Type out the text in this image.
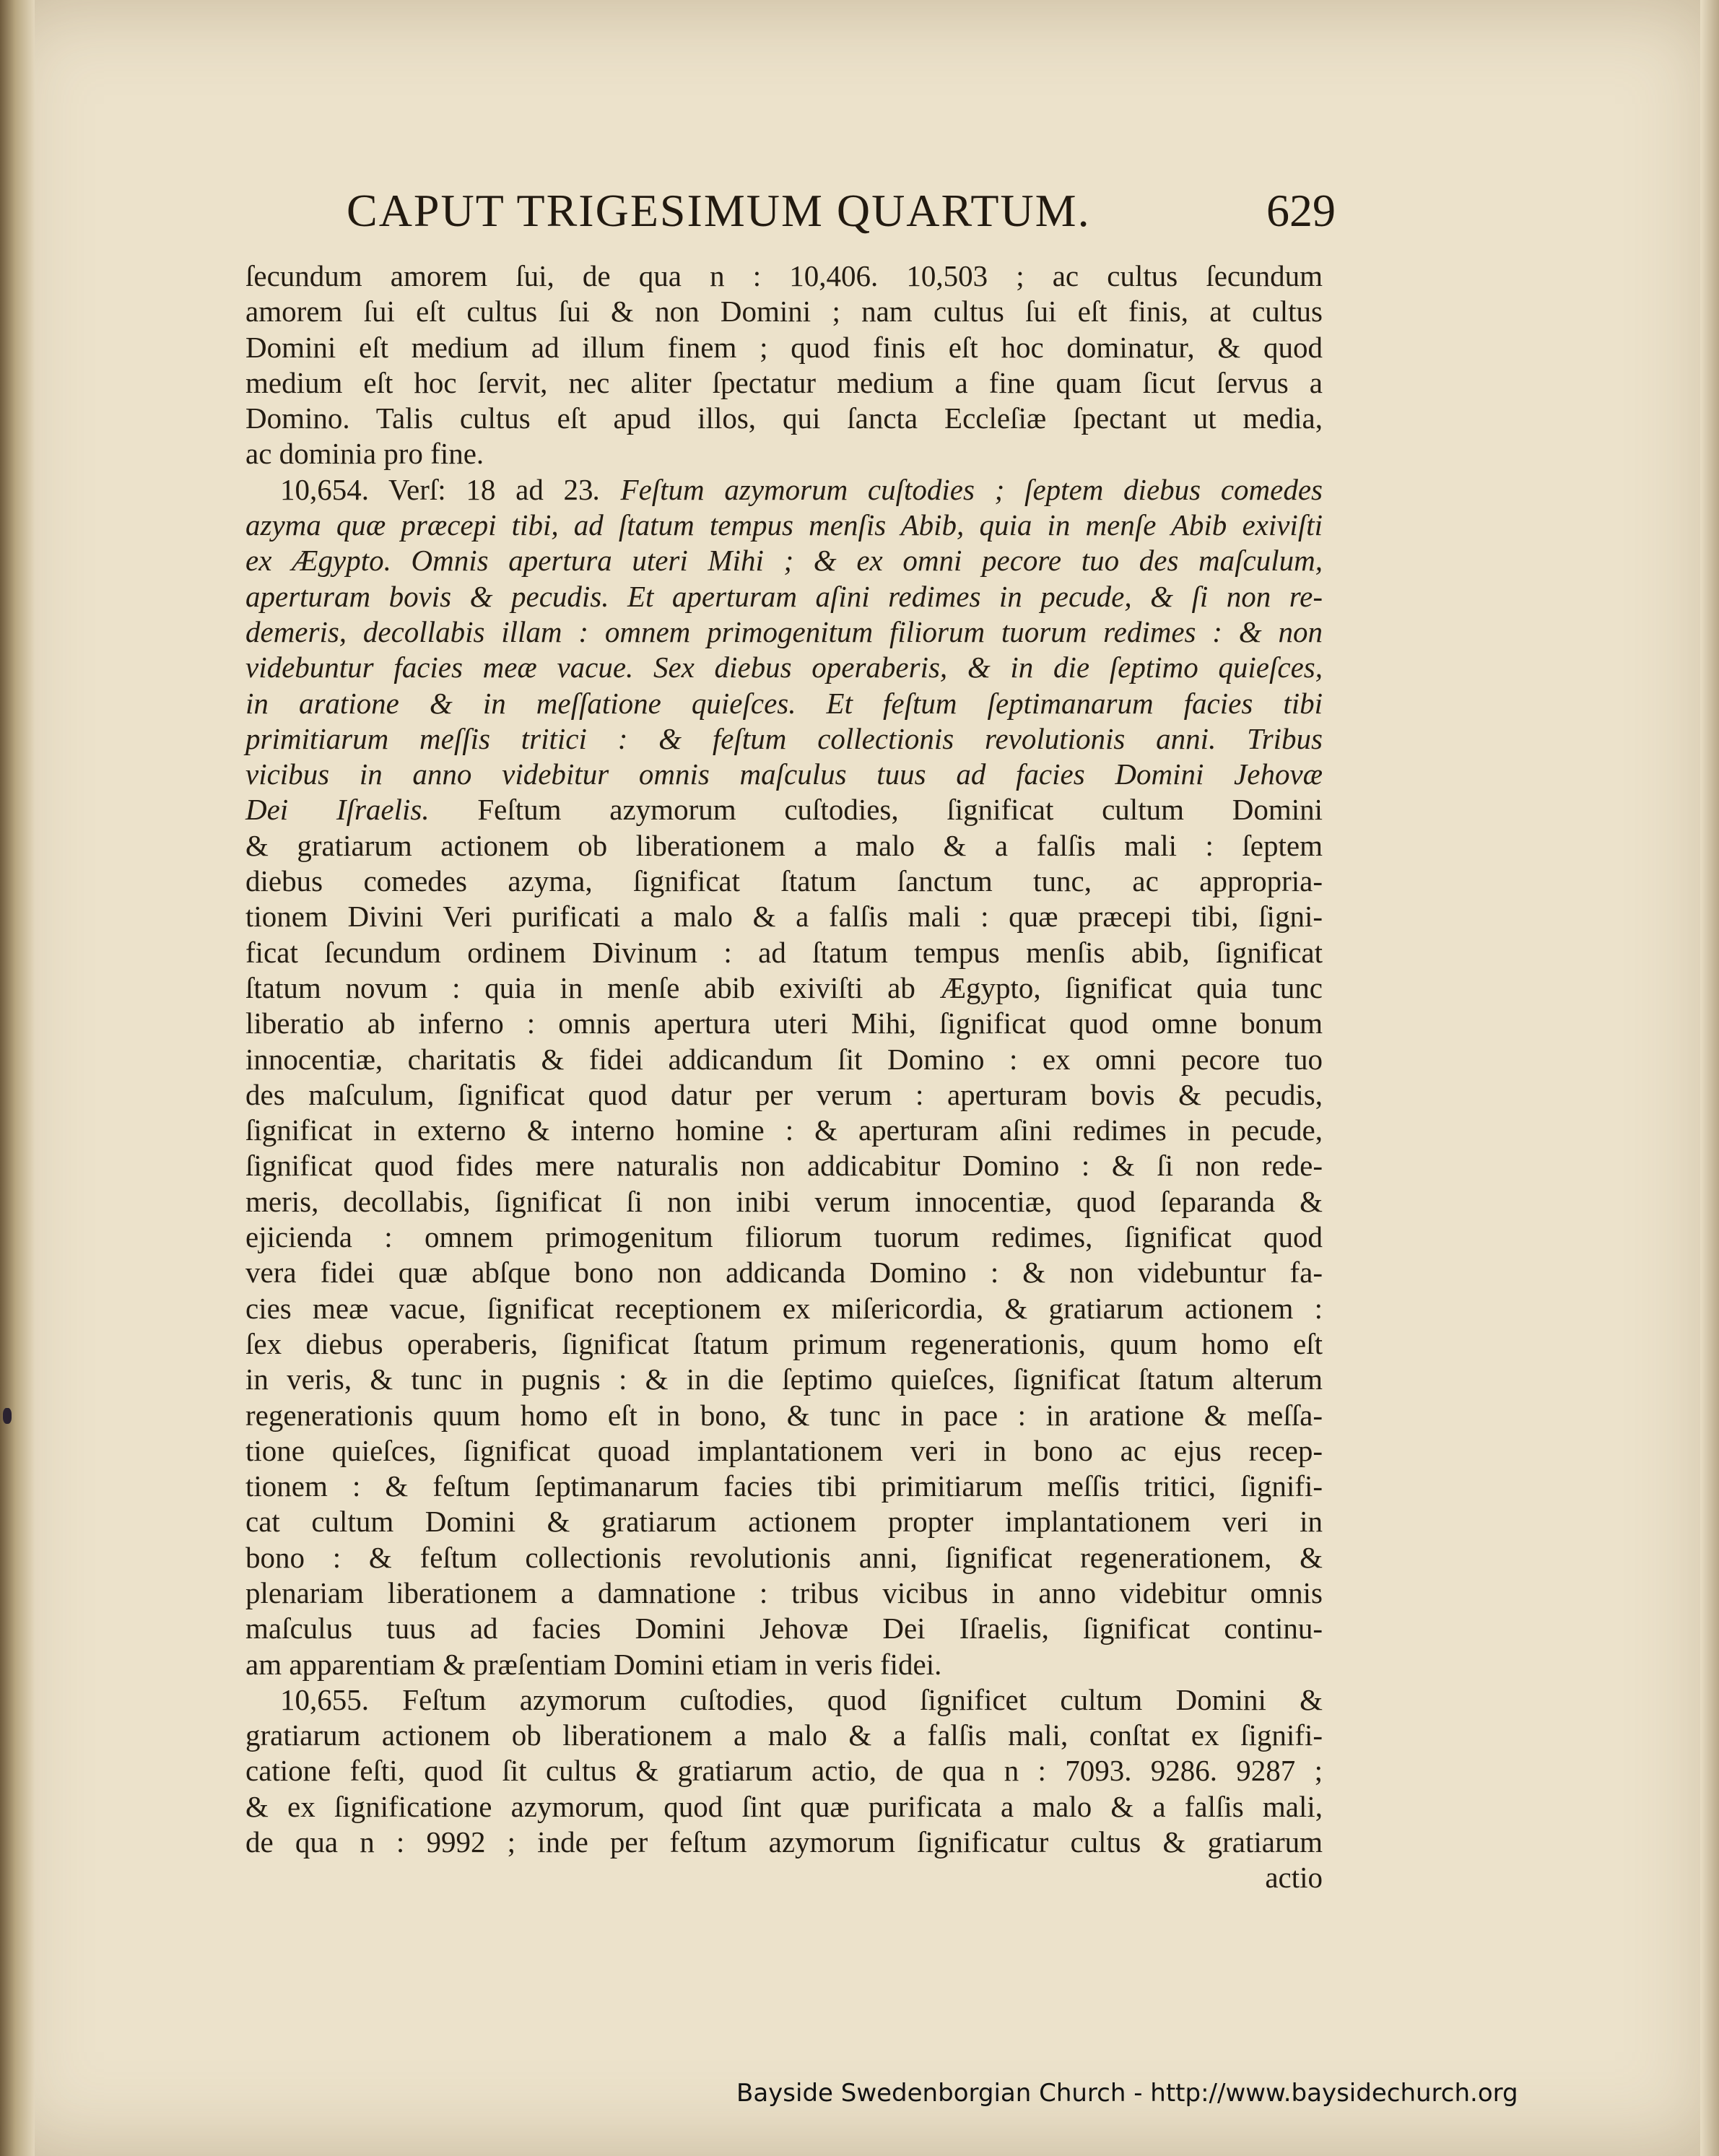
CAPUT TRIGESIMUM QUARTUM.	629
ſecundum amorem ſui, de qua n : 10,406. 10,503 ; ac cultus ſecundum
amorem ſui eſt cultus ſui & non Domini ; nam cultus ſui eſt finis, at cultus
Domini eſt medium ad illum finem ; quod finis eſt hoc dominatur, & quod
medium eſt hoc ſervit, nec aliter ſpectatur medium a fine quam ſicut ſervus a
Domino. Talis cultus eſt apud illos, qui ſancta Eccleſiæ ſpectant ut media,
ac dominia pro fine.
10,654. Verſ: 18 ad 23. Feſtum azymorum cuſtodies ; ſeptem diebus comedes
azyma quæ præcepi tibi, ad ſtatum tempus menſis Abib, quia in menſe Abib exiviſti
ex Ægypto. Omnis apertura uteri Mihi ; & ex omni pecore tuo des maſculum,
aperturam bovis & pecudis. Et aperturam aſini redimes in pecude, & ſi non re-
demeris, decollabis illam : omnem primogenitum filiorum tuorum redimes : & non
videbuntur facies meæ vacue. Sex diebus operaberis, & in die ſeptimo quieſces,
in aratione & in meſſatione quieſces. Et feſtum ſeptimanarum facies tibi
primitiarum meſſis tritici : & feſtum collectionis revolutionis anni. Tribus
vicibus in anno videbitur omnis maſculus tuus ad facies Domini Jehovæ
Dei Iſraelis. Feſtum azymorum cuſtodies, ſignificat cultum Domini
& gratiarum actionem ob liberationem a malo & a falſis mali : ſeptem
diebus comedes azyma, ſignificat ſtatum ſanctum tunc, ac appropria-
tionem Divini Veri purificati a malo & a falſis mali : quæ præcepi tibi, ſigni-
ficat ſecundum ordinem Divinum : ad ſtatum tempus menſis abib, ſignificat
ſtatum novum : quia in menſe abib exiviſti ab Ægypto, ſignificat quia tunc
liberatio ab inferno : omnis apertura uteri Mihi, ſignificat quod omne bonum
innocentiæ, charitatis & fidei addicandum ſit Domino : ex omni pecore tuo
des maſculum, ſignificat quod datur per verum : aperturam bovis & pecudis,
ſignificat in externo & interno homine : & aperturam aſini redimes in pecude,
ſignificat quod fides mere naturalis non addicabitur Domino : & ſi non rede-
meris, decollabis, ſignificat ſi non inibi verum innocentiæ, quod ſeparanda &
ejicienda : omnem primogenitum filiorum tuorum redimes, ſignificat quod
vera fidei quæ abſque bono non addicanda Domino : & non videbuntur fa-
cies meæ vacue, ſignificat receptionem ex miſericordia, & gratiarum actionem :
ſex diebus operaberis, ſignificat ſtatum primum regenerationis, quum homo eſt
in veris, & tunc in pugnis : & in die ſeptimo quieſces, ſignificat ſtatum alterum
regenerationis quum homo eſt in bono, & tunc in pace : in aratione & meſſa-
tione quieſces, ſignificat quoad implantationem veri in bono ac ejus recep-
tionem : & feſtum ſeptimanarum facies tibi primitiarum meſſis tritici, ſignifi-
cat cultum Domini & gratiarum actionem propter implantationem veri in
bono : & feſtum collectionis revolutionis anni, ſignificat regenerationem, &
plenariam liberationem a damnatione : tribus vicibus in anno videbitur omnis
maſculus tuus ad facies Domini Jehovæ Dei Iſraelis, ſignificat continu-
am apparentiam & præſentiam Domini etiam in veris fidei.
10,655. Feſtum azymorum cuſtodies, quod ſignificet cultum Domini &
gratiarum actionem ob liberationem a malo & a falſis mali, conſtat ex ſignifi-
catione feſti, quod ſit cultus & gratiarum actio, de qua n : 7093. 9286. 9287 ;
& ex ſignificatione azymorum, quod ſint quæ purificata a malo & a falſis mali,
de qua n : 9992 ; inde per feſtum azymorum ſignificatur cultus & gratiarum
actio
Bayside Swedenborgian Church - http://www.baysidechurch.org
